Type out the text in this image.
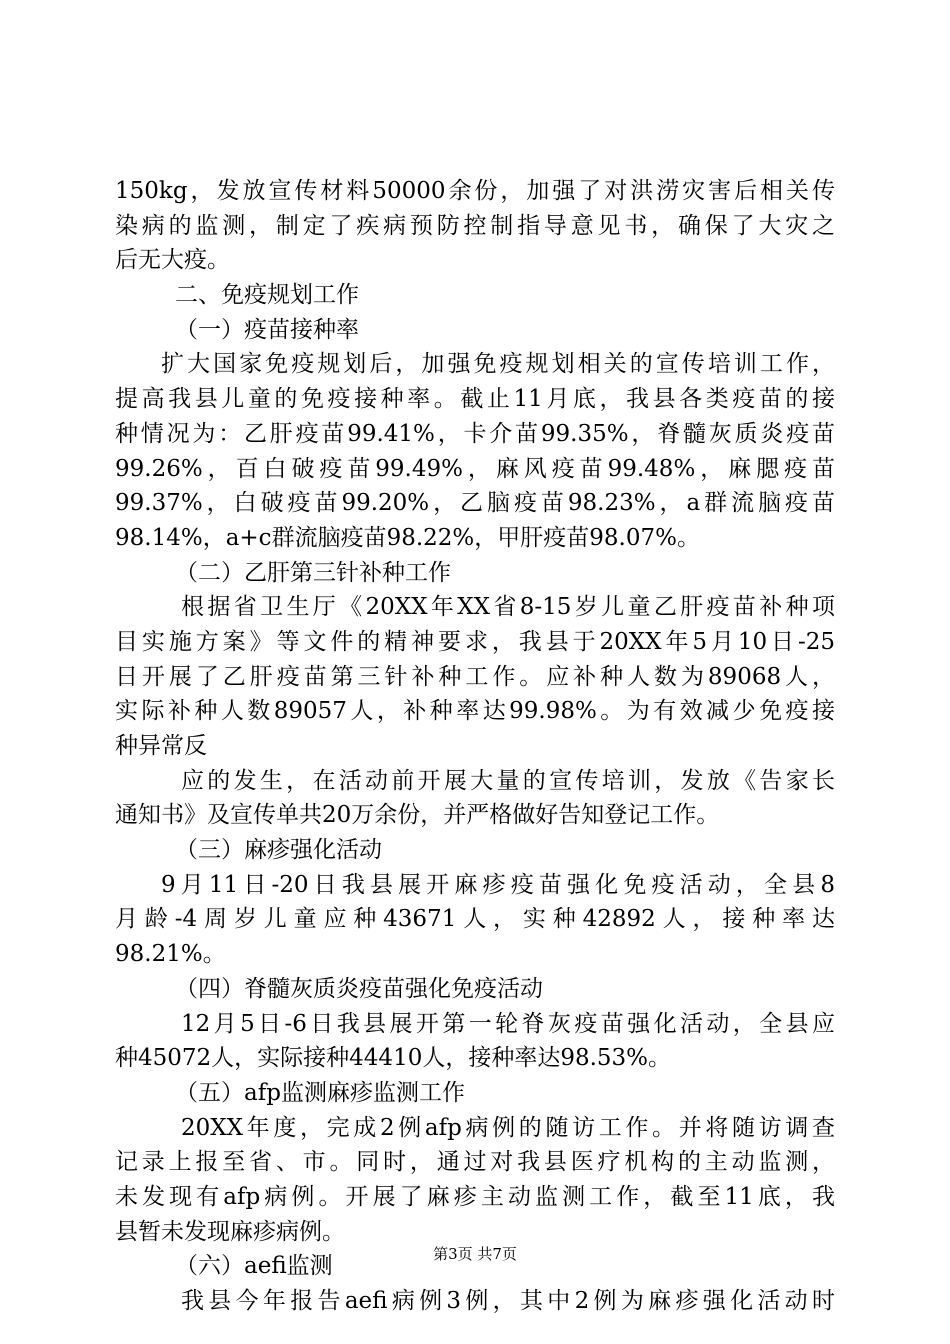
150kg，发放宣传材料50000余份，加强了对洪涝灾害后相关传
染病的监测，制定了疾病预防控制指导意见书，确保了大灾之
后无大疫。
二、免疫规划工作
（一）疫苗接种率
扩大国家免疫规划后，加强免疫规划相关的宣传培训工作，
提高我县儿童的免疫接种率。截止11月底，我县各类疫苗的接
种情况为：乙肝疫苗99.41%，卡介苗99.35%，脊髓灰质炎疫苗
99.26%，百白破疫苗99.49%，麻风疫苗99.48%，麻腮疫苗
99.37%，白破疫苗99.20%，乙脑疫苗98.23%，a群流脑疫苗
98.14%，a+c群流脑疫苗98.22%，甲肝疫苗98.07%。
（二）乙肝第三针补种工作
根据省卫生厅《20XX年XX省8-15岁儿童乙肝疫苗补种项
目实施方案》等文件的精神要求，我县于20XX年5月10日-25
日开展了乙肝疫苗第三针补种工作。应补种人数为89068人，
实际补种人数89057人，补种率达99.98%。为有效减少免疫接
种异常反
应的发生，在活动前开展大量的宣传培训，发放《告家长
通知书》及宣传单共20万余份，并严格做好告知登记工作。
（三）麻疹强化活动
9月11日-20日我县展开麻疹疫苗强化免疫活动，全县8
月龄-4周岁儿童应种43671人，实种42892人，接种率达
98.21%。
（四）脊髓灰质炎疫苗强化免疫活动
12月5日-6日我县展开第一轮脊灰疫苗强化活动，全县应
种45072人，实际接种44410人，接种率达98.53%。
（五）afp监测麻疹监测工作
20XX年度，完成2例afp病例的随访工作。并将随访调查
记录上报至省、市。同时，通过对我县医疗机构的主动监测，
未发现有afp病例。开展了麻疹主动监测工作，截至11底，我
县暂未发现麻疹病例。
（六）aefi监测
我县今年报告aefi病例3例，其中2例为麻疹强化活动时
第3页 共7页
